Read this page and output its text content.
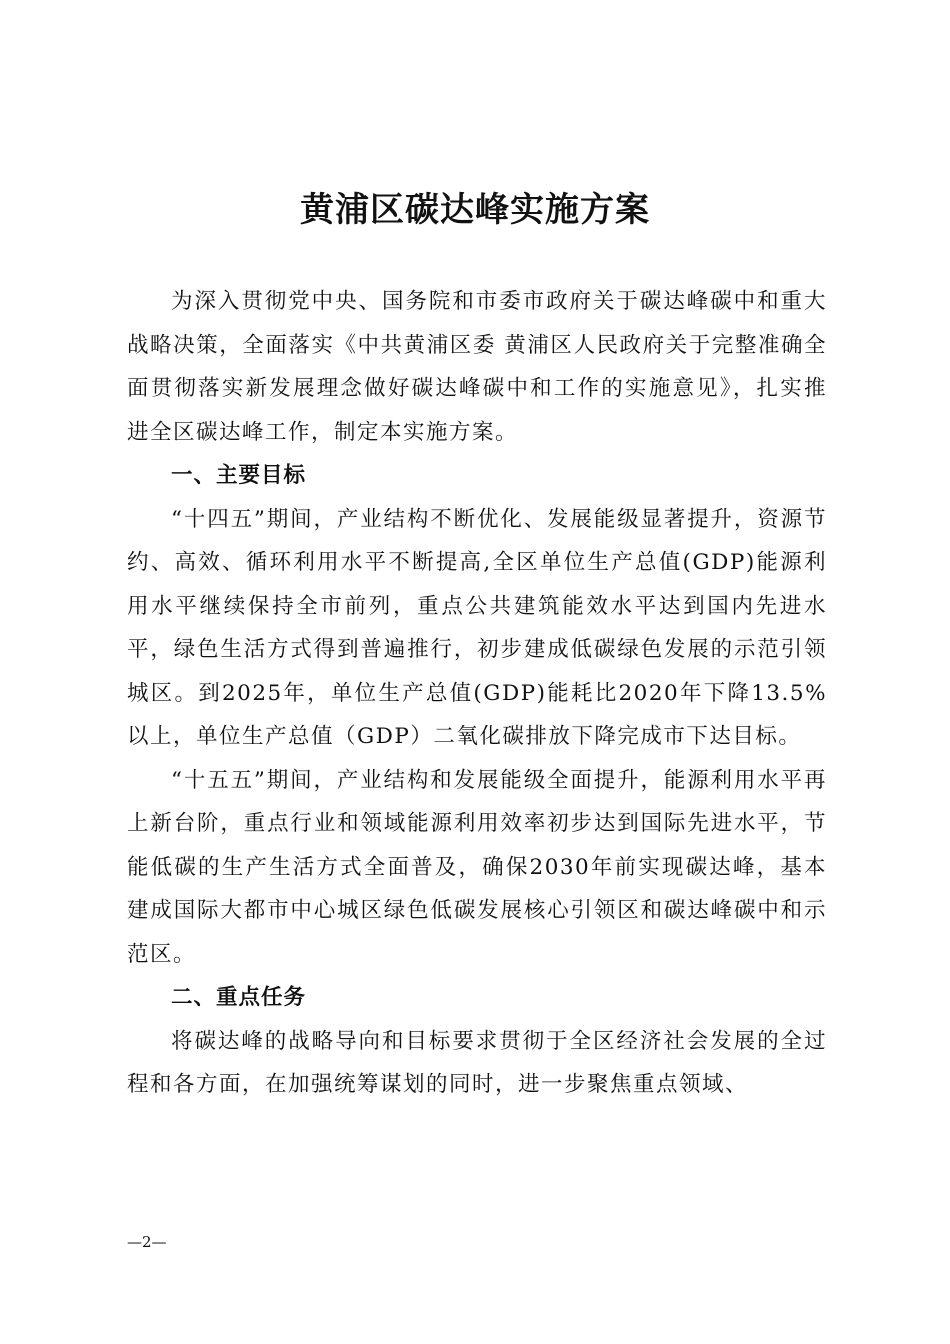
黄浦区碳达峰实施方案

为深入贯彻党中央、国务院和市委市政府关于碳达峰碳中和重大战略决策，全面落实《中共黄浦区委 黄浦区人民政府关于完整准确全面贯彻落实新发展理念做好碳达峰碳中和工作的实施意见》，扎实推进全区碳达峰工作，制定本实施方案。

一、主要目标

“十四五”期间，产业结构不断优化、发展能级显著提升，资源节约、高效、循环利用水平不断提高,全区单位生产总值(GDP)能源利用水平继续保持全市前列，重点公共建筑能效水平达到国内先进水平，绿色生活方式得到普遍推行，初步建成低碳绿色发展的示范引领城区。到2025年，单位生产总值(GDP)能耗比2020年下降13.5%以上，单位生产总值（GDP）二氧化碳排放下降完成市下达目标。

“十五五”期间，产业结构和发展能级全面提升，能源利用水平再上新台阶，重点行业和领域能源利用效率初步达到国际先进水平，节能低碳的生产生活方式全面普及，确保2030年前实现碳达峰，基本建成国际大都市中心城区绿色低碳发展核心引领区和碳达峰碳中和示范区。

二、重点任务

将碳达峰的战略导向和目标要求贯彻于全区经济社会发展的全过程和各方面，在加强统筹谋划的同时，进一步聚焦重点领域、

—2—
